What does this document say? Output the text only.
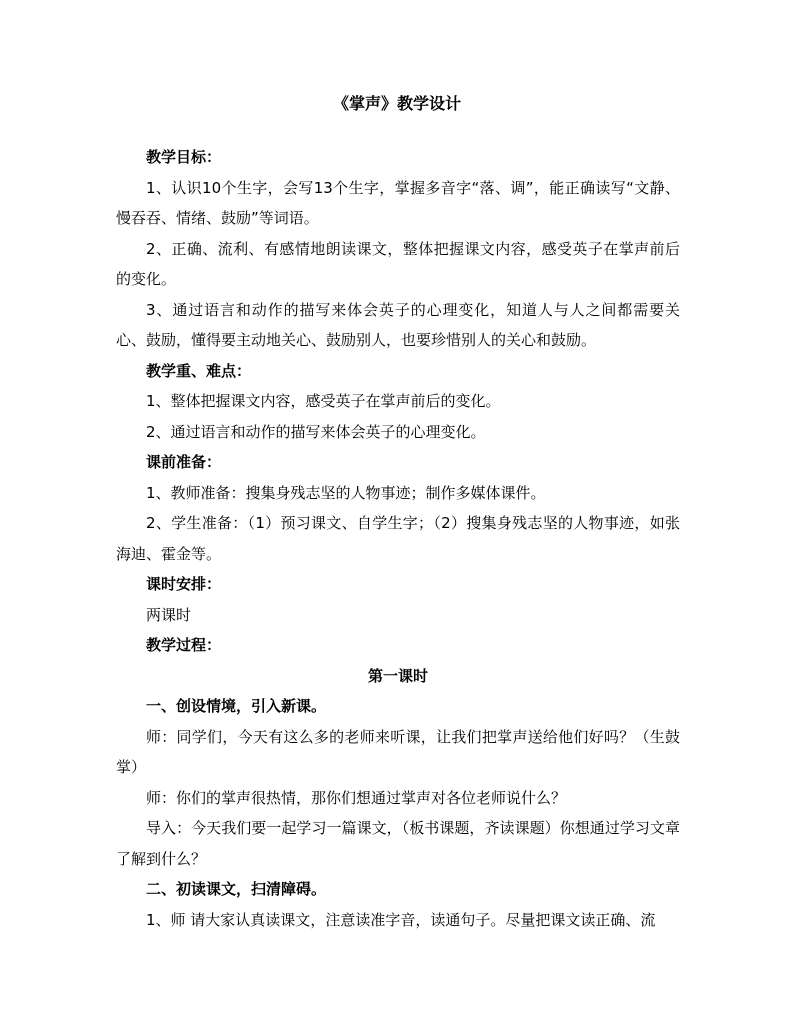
《掌声》教学设计

教学目标：

1、认识10个生字，会写13个生字，掌握多音字“落、调”，能正确读写“文静、慢吞吞、情绪、鼓励”等词语。

2、正确、流利、有感情地朗读课文，整体把握课文内容，感受英子在掌声前后的变化。

3、通过语言和动作的描写来体会英子的心理变化，知道人与人之间都需要关心、鼓励，懂得要主动地关心、鼓励别人，也要珍惜别人的关心和鼓励。

教学重、难点：

1、整体把握课文内容，感受英子在掌声前后的变化。

2、通过语言和动作的描写来体会英子的心理变化。

课前准备：

1、教师准备：搜集身残志坚的人物事迹；制作多媒体课件。

2、学生准备：（1）预习课文、自学生字；（2）搜集身残志坚的人物事迹，如张海迪、霍金等。

课时安排：

两课时

教学过程：

第一课时

一、创设情境，引入新课。

师：同学们，今天有这么多的老师来听课，让我们把掌声送给他们好吗？（生鼓掌）

师：你们的掌声很热情，那你们想通过掌声对各位老师说什么？

导入：今天我们要一起学习一篇课文，（板书课题，齐读课题）你想通过学习文章了解到什么？

二、初读课文，扫清障碍。

1、师 请大家认真读课文，注意读准字音，读通句子。尽量把课文读正确、流
